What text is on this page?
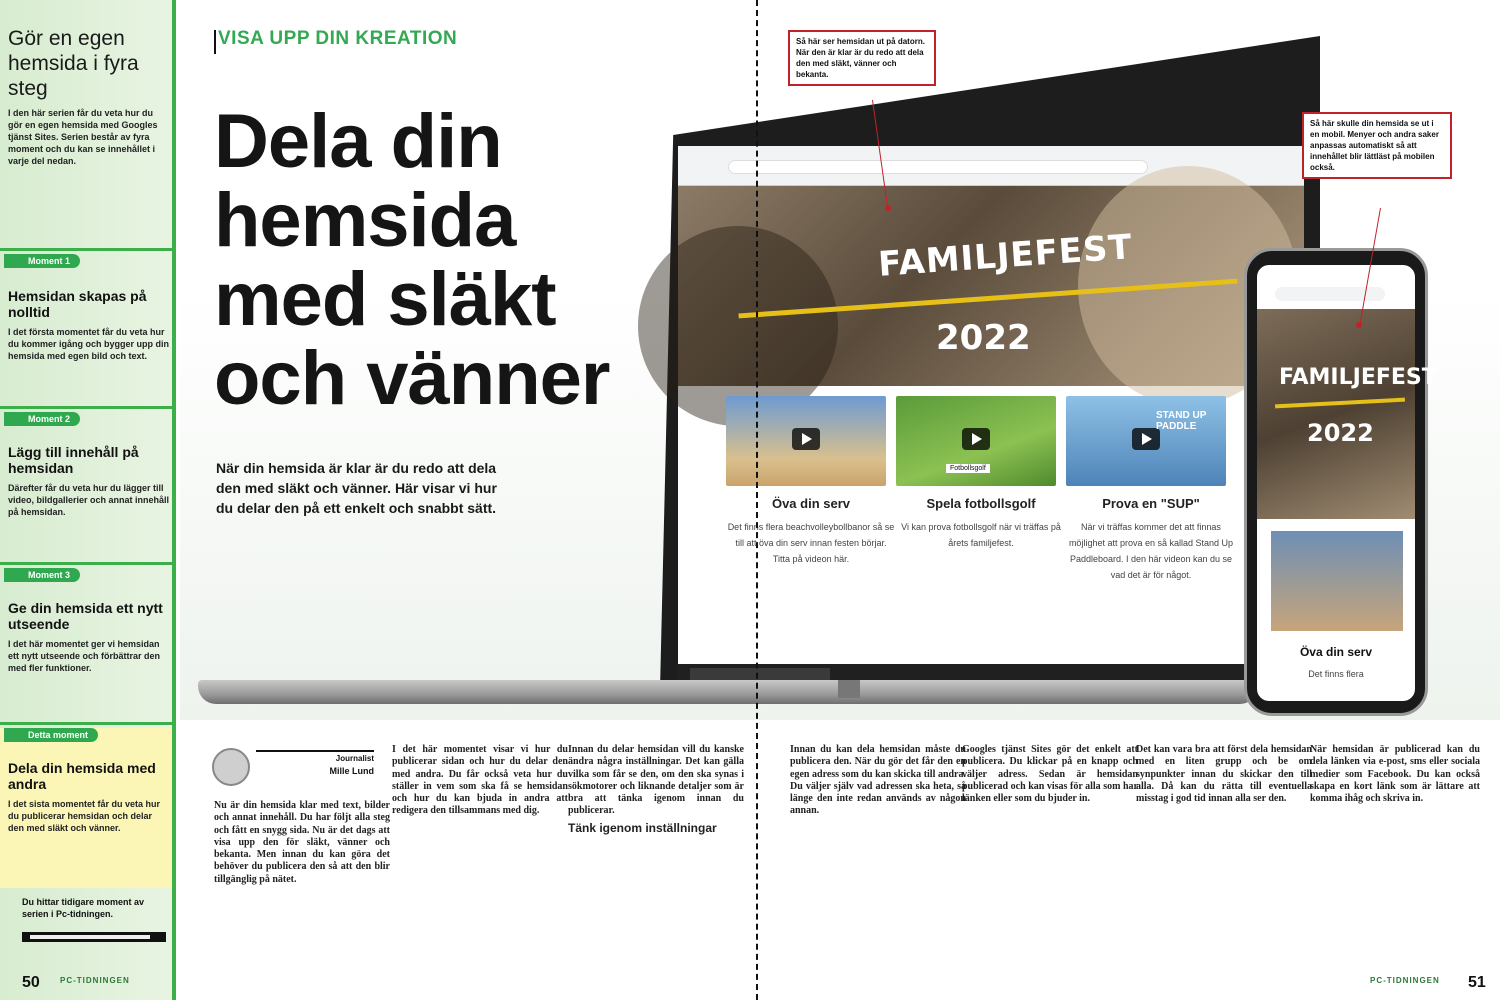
Gör en egen hemsida i fyra steg
I den här serien får du veta hur du gör en egen hemsida med Googles tjänst Sites. Serien består av fyra moment och du kan se innehållet i varje del nedan.
Moment 1
Hemsidan skapas på nolltid
I det första momentet får du veta hur du kommer igång och bygger upp din hemsida med egen bild och text.
Moment 2
Lägg till innehåll på hemsidan
Därefter får du veta hur du lägger till video, bildgallerier och annat innehåll på hemsidan.
Moment 3
Ge din hemsida ett nytt utseende
I det här momentet ger vi hemsidan ett nytt utseende och förbättrar den med fler funktioner.
Detta moment
Dela din hemsida med andra
I det sista momentet får du veta hur du publicerar hemsidan och delar den med släkt och vänner.
Du hittar tidigare moment av serien i Pc-tidningen.
50	PC-TIDNINGEN	PC-TIDNINGEN 51
VISA UPP DIN KREATION
Dela din
hemsida
med släkt
och vänner
När din hemsida är klar är du redo att dela den med släkt och vänner. Här visar vi hur du delar den på ett enkelt och snabbt sätt.
FAMILJEFEST
2022
Öva din serv
Det finns flera beachvolleybollbanor så se till att öva din serv innan festen börjar. Titta på videon här.
Fotbollsgolf
Spela fotbollsgolf
Vi kan prova fotbollsgolf när vi träffas på årets familjefest.
STAND UP PADDLE
Prova en "SUP"
När vi träffas kommer det att finnas möjlighet att prova en så kallad Stand Up Paddleboard. I den här videon kan du se vad det är för något.
FAMILJEFEST
2022
Öva din serv
Det finns flera
Så här ser hemsidan ut på datorn. När den är klar är du redo att dela den med släkt, vänner och bekanta.
Så här skulle din hemsida se ut i en mobil. Menyer och andra saker anpassas automatiskt så att innehållet blir lättläst på mobilen också.
Journalist
Mille Lund
Nu är din hemsida klar med text, bilder och annat innehåll. Du har följt alla steg och fått en snygg sida. Nu är det dags att visa upp den för släkt, vänner och bekanta. Men innan du kan göra det behöver du publicera den så att den blir tillgänglig på nätet.
I det här momentet visar vi hur du publicerar sidan och hur du delar den med andra. Du får också veta hur du ställer in vem som ska få se hemsidan och hur du kan bjuda in andra att redigera den tillsammans med dig.
Innan du delar hemsidan vill du kanske ändra några inställningar. Det kan gälla vilka som får se den, om den ska synas i sökmotorer och liknande detaljer som är bra att tänka igenom innan du publicerar.
Tänk igenom inställningar
Innan du kan dela hemsidan måste du publicera den. När du gör det får den en egen adress som du kan skicka till andra. Du väljer själv vad adressen ska heta, så länge den inte redan används av någon annan.
Googles tjänst Sites gör det enkelt att publicera. Du klickar på en knapp och väljer adress. Sedan är hemsidan publicerad och kan visas för alla som har länken eller som du bjuder in.
Det kan vara bra att först dela hemsidan med en liten grupp och be om synpunkter innan du skickar den till alla. Då kan du rätta till eventuella misstag i god tid innan alla ser den.
När hemsidan är publicerad kan du dela länken via e-post, sms eller sociala medier som Facebook. Du kan också skapa en kort länk som är lättare att komma ihåg och skriva in.
